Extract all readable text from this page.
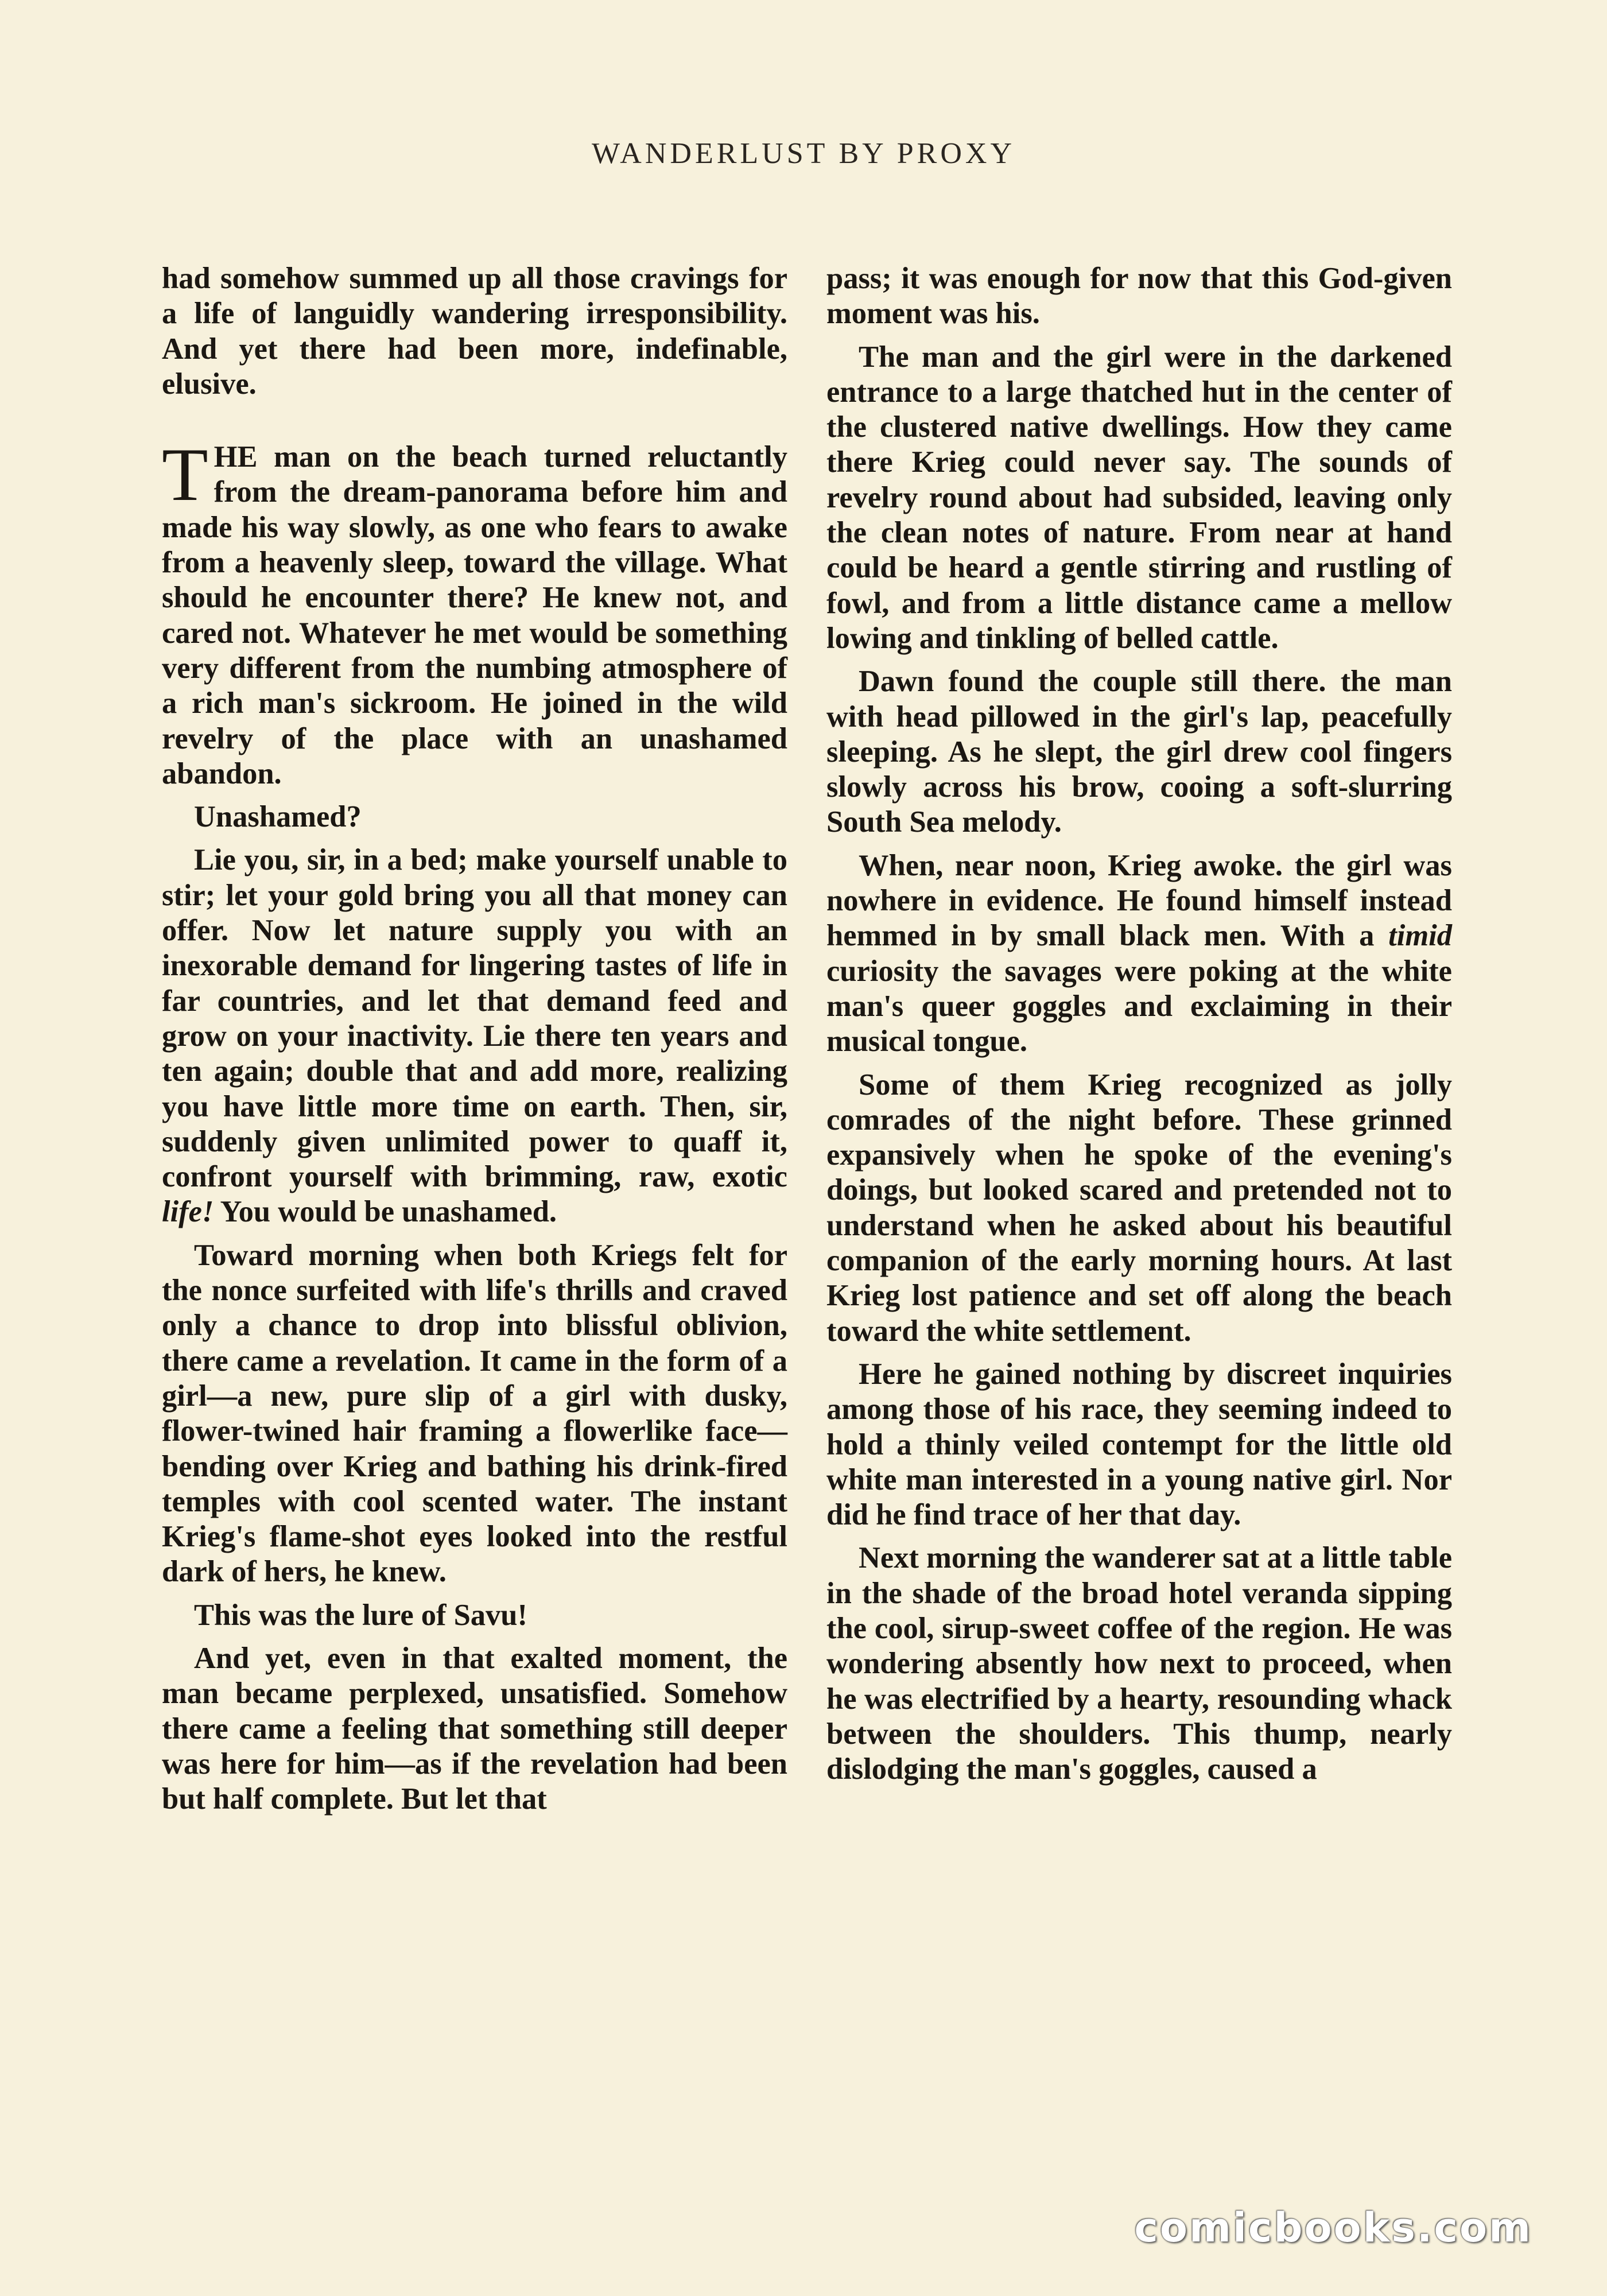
WANDERLUST BY PROXY

had somehow summed up all those cravings for a life of languidly wandering irresponsibility. And yet there had been more, indefinable, elusive.

THE man on the beach turned reluctantly from the dream-panorama before him and made his way slowly, as one who fears to awake from a heavenly sleep, toward the village. What should he encounter there? He knew not, and cared not. Whatever he met would be something very different from the numbing atmosphere of a rich man's sickroom. He joined in the wild revelry of the place with an unashamed abandon.

Unashamed?

Lie you, sir, in a bed; make yourself unable to stir; let your gold bring you all that money can offer. Now let nature supply you with an inexorable demand for lingering tastes of life in far countries, and let that demand feed and grow on your inactivity. Lie there ten years and ten again; double that and add more, realizing you have little more time on earth. Then, sir, suddenly given unlimited power to quaff it, confront yourself with brimming, raw, exotic life! You would be unashamed.

Toward morning when both Kriegs felt for the nonce surfeited with life's thrills and craved only a chance to drop into blissful oblivion, there came a revelation. It came in the form of a girl—a new, pure slip of a girl with dusky, flower-twined hair framing a flowerlike face—bending over Krieg and bathing his drink-fired temples with cool scented water. The instant Krieg's flame-shot eyes looked into the restful dark of hers, he knew.

This was the lure of Savu!

And yet, even in that exalted moment, the man became perplexed, unsatisfied. Somehow there came a feeling that something still deeper was here for him—as if the revelation had been but half complete. But let that

pass; it was enough for now that this God-given moment was his.

The man and the girl were in the darkened entrance to a large thatched hut in the center of the clustered native dwellings. How they came there Krieg could never say. The sounds of revelry round about had subsided, leaving only the clean notes of nature. From near at hand could be heard a gentle stirring and rustling of fowl, and from a little distance came a mellow lowing and tinkling of belled cattle.

Dawn found the couple still there. the man with head pillowed in the girl's lap, peacefully sleeping. As he slept, the girl drew cool fingers slowly across his brow, cooing a soft-slurring South Sea melody.

When, near noon, Krieg awoke. the girl was nowhere in evidence. He found himself instead hemmed in by small black men. With a timid curiosity the savages were poking at the white man's queer goggles and exclaiming in their musical tongue.

Some of them Krieg recognized as jolly comrades of the night before. These grinned expansively when he spoke of the evening's doings, but looked scared and pretended not to understand when he asked about his beautiful companion of the early morning hours. At last Krieg lost patience and set off along the beach toward the white settlement.

Here he gained nothing by discreet inquiries among those of his race, they seeming indeed to hold a thinly veiled contempt for the little old white man interested in a young native girl. Nor did he find trace of her that day.

Next morning the wanderer sat at a little table in the shade of the broad hotel veranda sipping the cool, sirup-sweet coffee of the region. He was wondering absently how next to proceed, when he was electrified by a hearty, resounding whack between the shoulders. This thump, nearly dislodging the man's goggles, caused a

comicbooks.com
